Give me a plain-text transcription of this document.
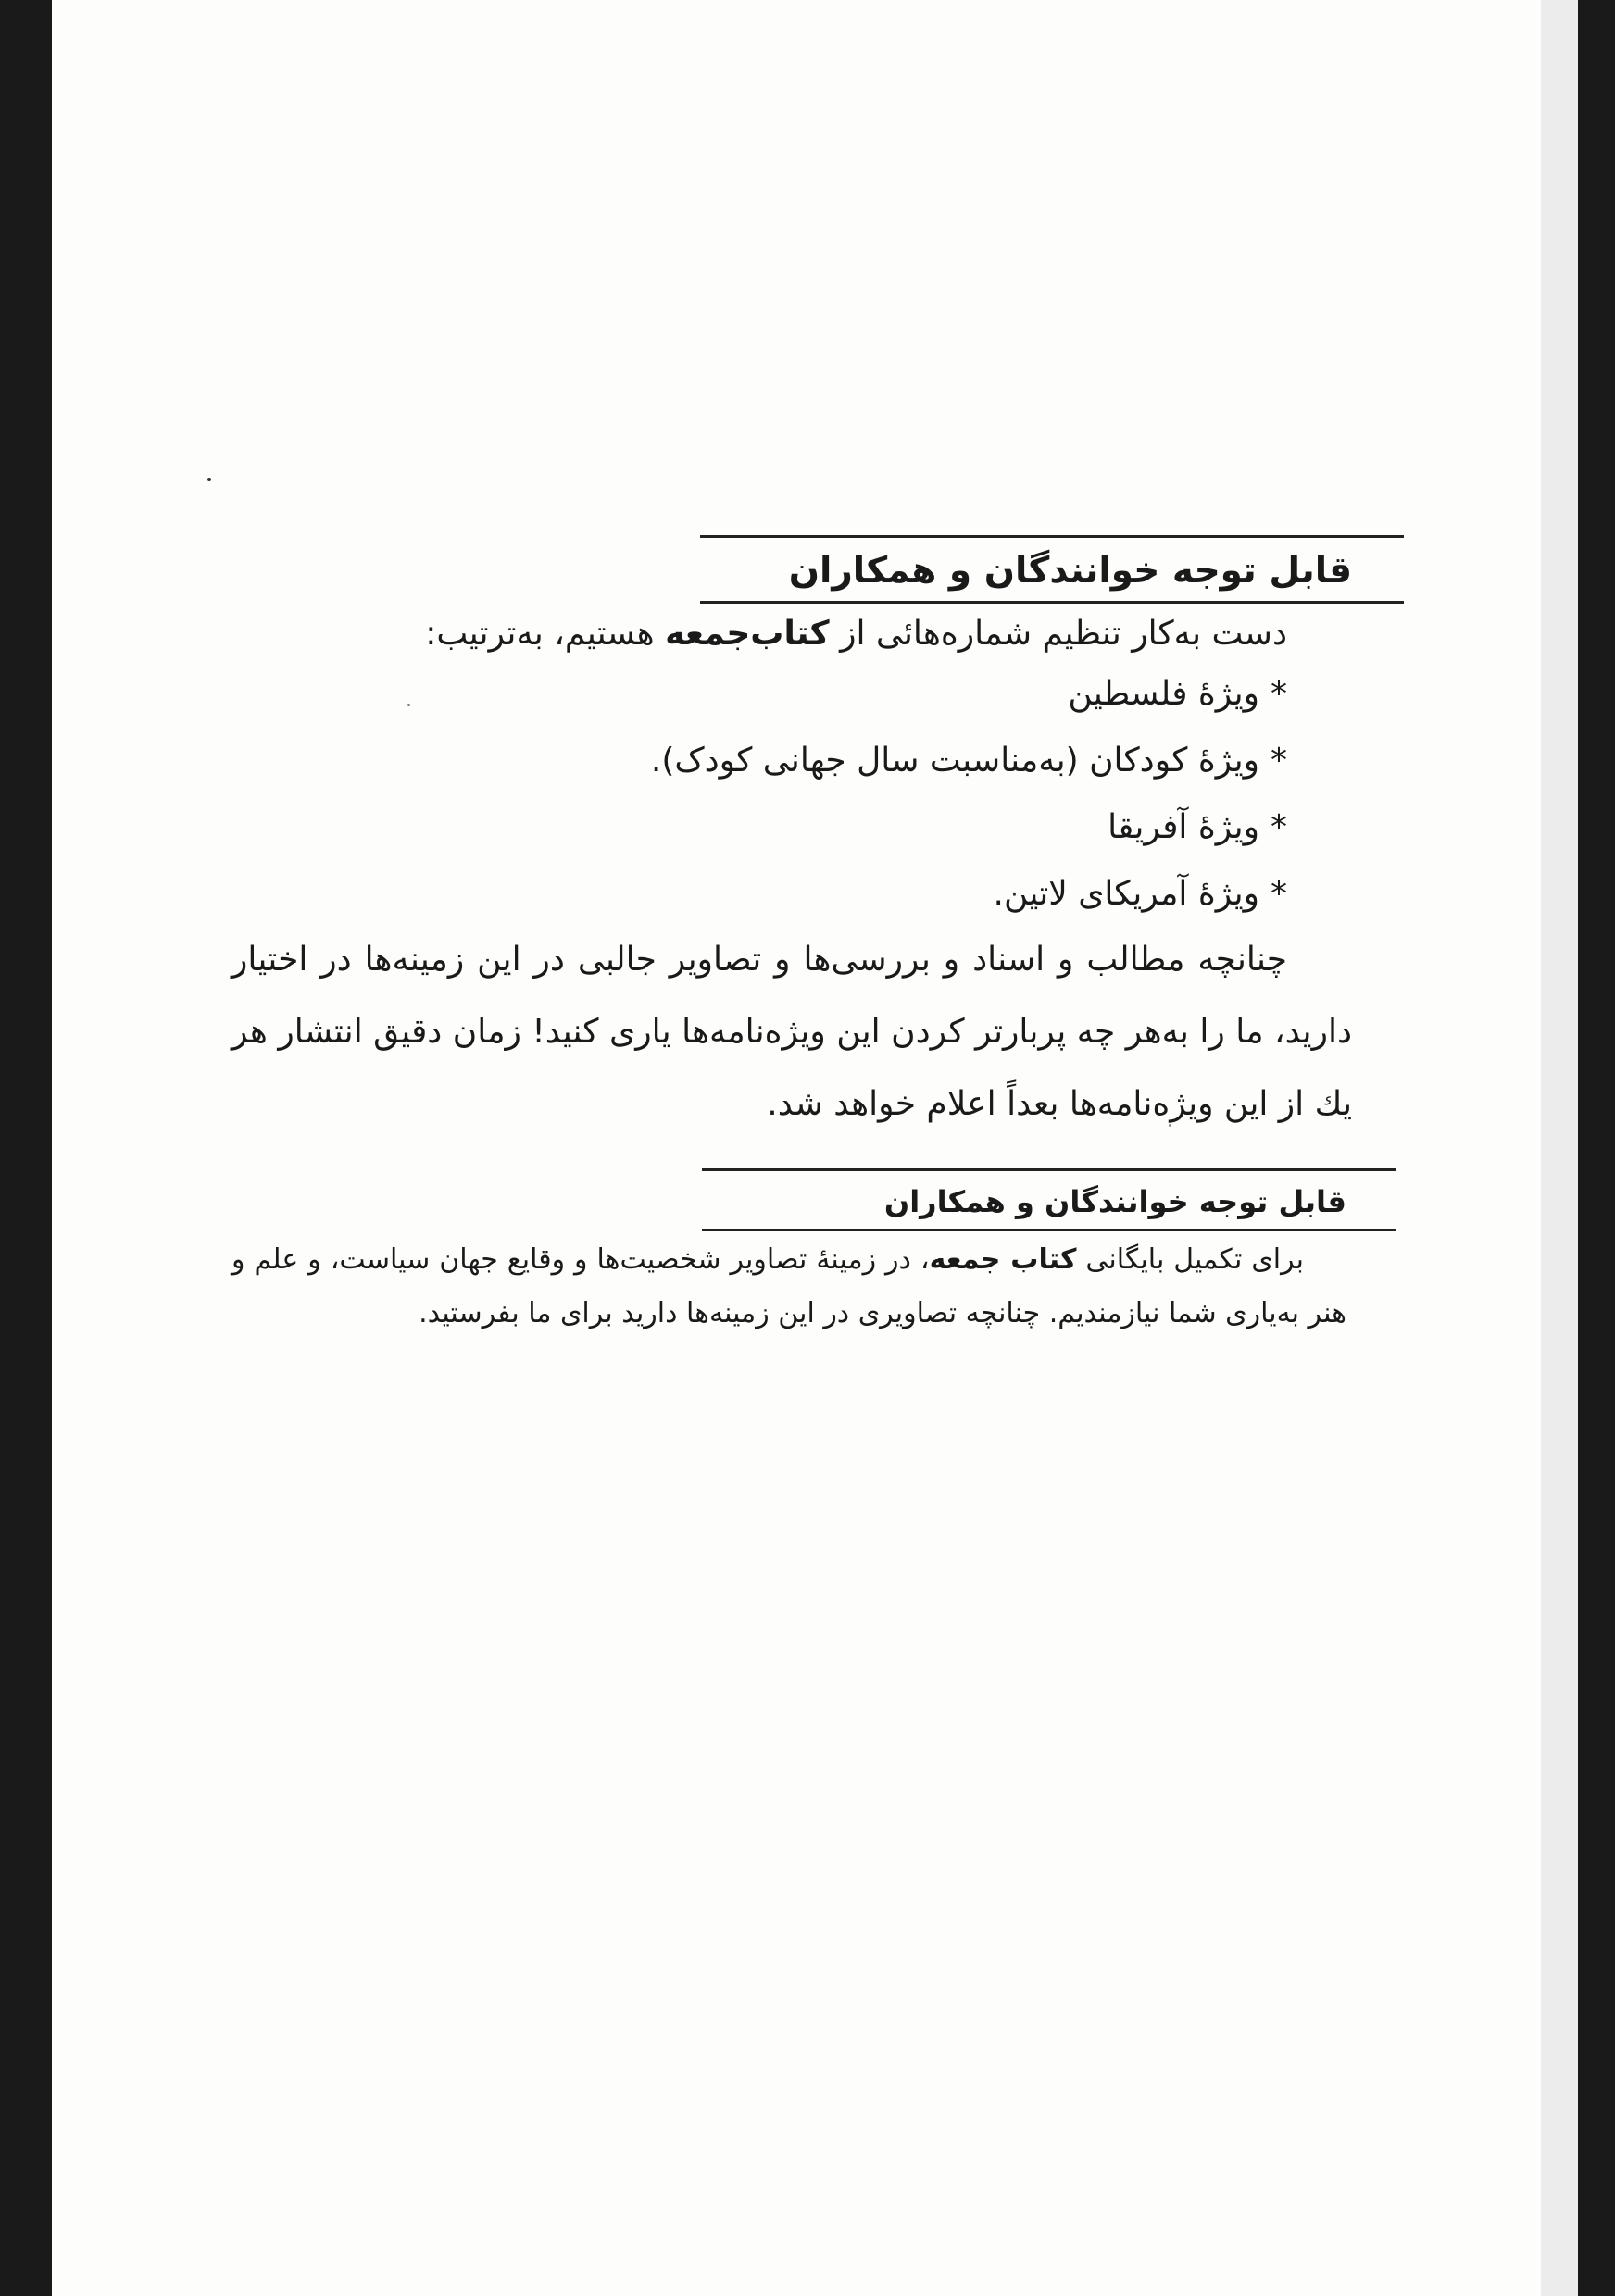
قابل توجه خوانندگان و همکاران
دست به‌کار تنظیم شماره‌هائی از کتاب‌جمعه هستیم، به‌ترتیب:
*ویژهٔ فلسطین
*ویژهٔ کودکان (به‌مناسبت سال جهانی کودک).
*ویژهٔ آفریقا
*ویژهٔ آمریکای لاتین.
چنانچه مطالب و اسناد و بررسی‌ها و تصاویر جالبی در این زمینه‌ها در اختیار دارید، ما را به‌هر چه پربارتر کردن این ویژه‌نامه‌ها یاری کنید! زمان دقیق انتشار هر یك از این ویژه‌نامه‌ها بعداً اعلام خواهد شد.
قابل توجه خوانندگان و همکاران
برای تکمیل بایگانی کتاب جمعه، در زمینهٔ تصاویر شخصیت‌ها و وقایع جهان سیاست، و علم و هنر به‌یاری شما نیازمندیم. چنانچه تصاویری در این زمینه‌ها دارید برای ما بفرستید.
